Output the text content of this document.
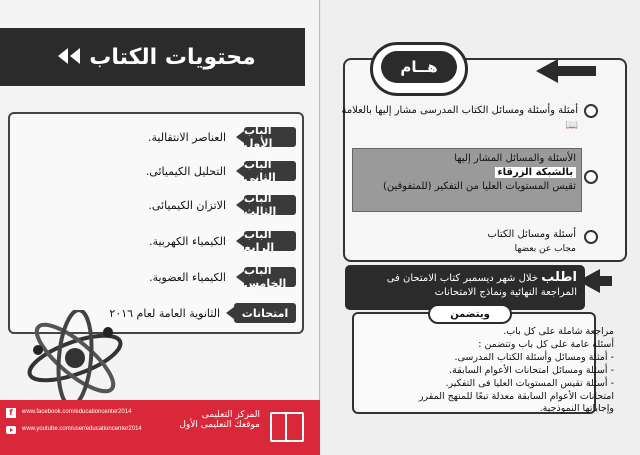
محتويات الكتاب
الباب الأول
العناصر الانتقالية.
الباب الثانى
التحليل الكيميائى.
الباب الثالث
الاتزان الكيميائى.
الباب الرابع
الكيمياء الكهربية.
الباب الخامس
الكيمياء العضوية.
امتحانات
الثانوية العامة لعام ٢٠١٦
f	www.facebook.com/educationcenter2014
www.youtube.com/user/educationcenter2014
المركز التعليمى
موقعك التعليمى الأول
هــام
أمثلة وأسئلة ومسائل الكتاب المدرسى مشار إليها بالعلامة 📖
الأسئلة والمسائل المشار إليها
بالشبكة الزرقاء
تقيس المستويات العليا من التفكير (للمتفوقين)
أسئلة ومسائل الكتاب
مجاب عن بعضها
اطلب خلال شهر ديسمبر كتاب الامتحان فى المراجعة النهائية ونماذج الامتحانات
ويتضمن
مراجعة شاملة على كل باب.
أسئلة عامة على كل باب وتتضمن :
- أمثلة ومسائل وأسئلة الكتاب المدرسى.
- أسئلة ومسائل امتحانات الأعوام السابقة.
- أسئلة تقيس المستويات العليا فى التفكير.
امتحانات الأعوام السابقة معدلة تبعًا للمنهج المقرر وإجاباتها النموذجية.
